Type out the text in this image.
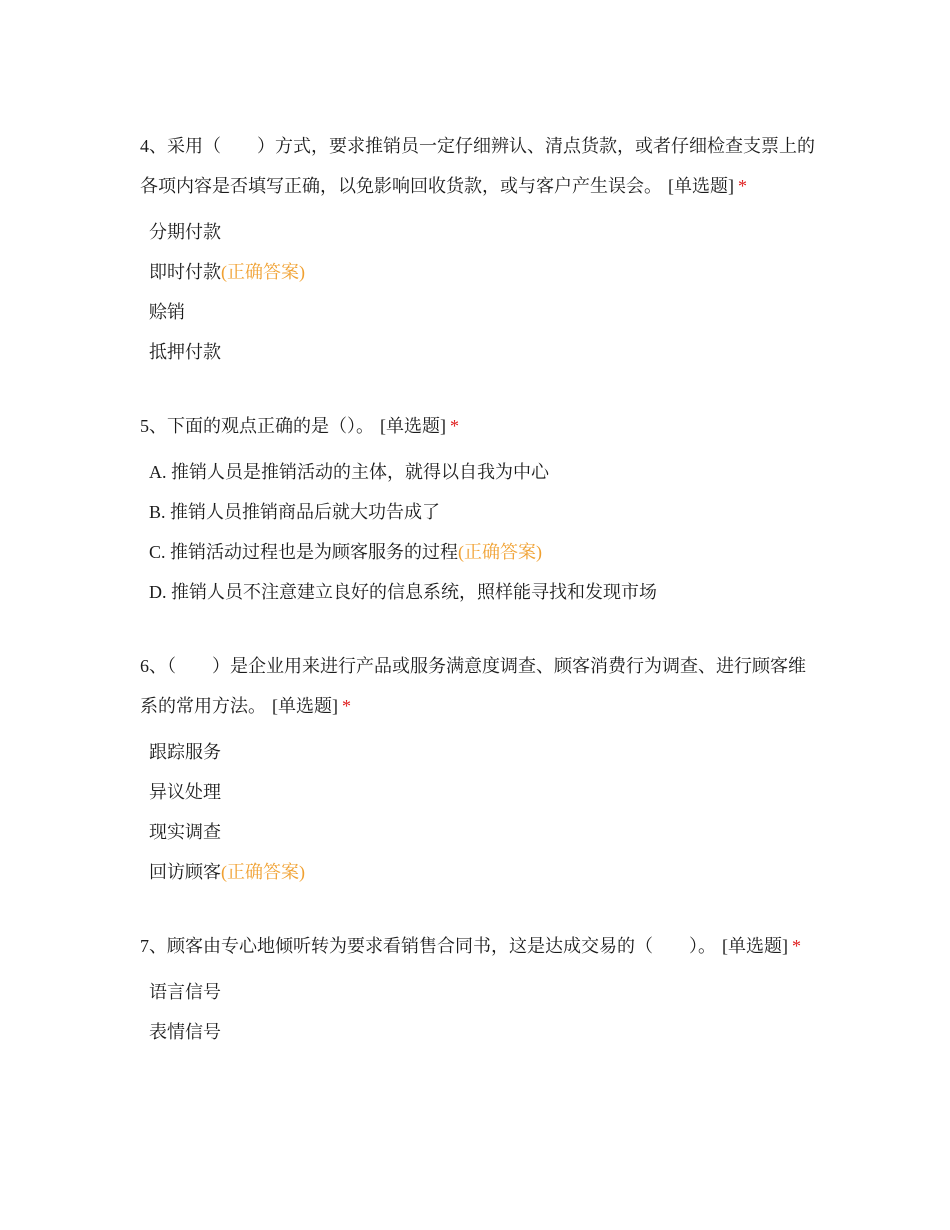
4、采用（　　）方式，要求推销员一定仔细辨认、清点货款，或者仔细检查支票上的各项内容是否填写正确，以免影响回收货款，或与客户产生误会。 [单选题] *

分期付款
即时付款(正确答案)
赊销
抵押付款

5、下面的观点正确的是（）。 [单选题] *

A. 推销人员是推销活动的主体，就得以自我为中心
B. 推销人员推销商品后就大功告成了
C. 推销活动过程也是为顾客服务的过程(正确答案)
D. 推销人员不注意建立良好的信息系统，照样能寻找和发现市场

6、（　　）是企业用来进行产品或服务满意度调查、顾客消费行为调查、进行顾客维系的常用方法。 [单选题] *

跟踪服务
异议处理
现实调查
回访顾客(正确答案)

7、顾客由专心地倾听转为要求看销售合同书，这是达成交易的（　　）。 [单选题] *

语言信号
表情信号
